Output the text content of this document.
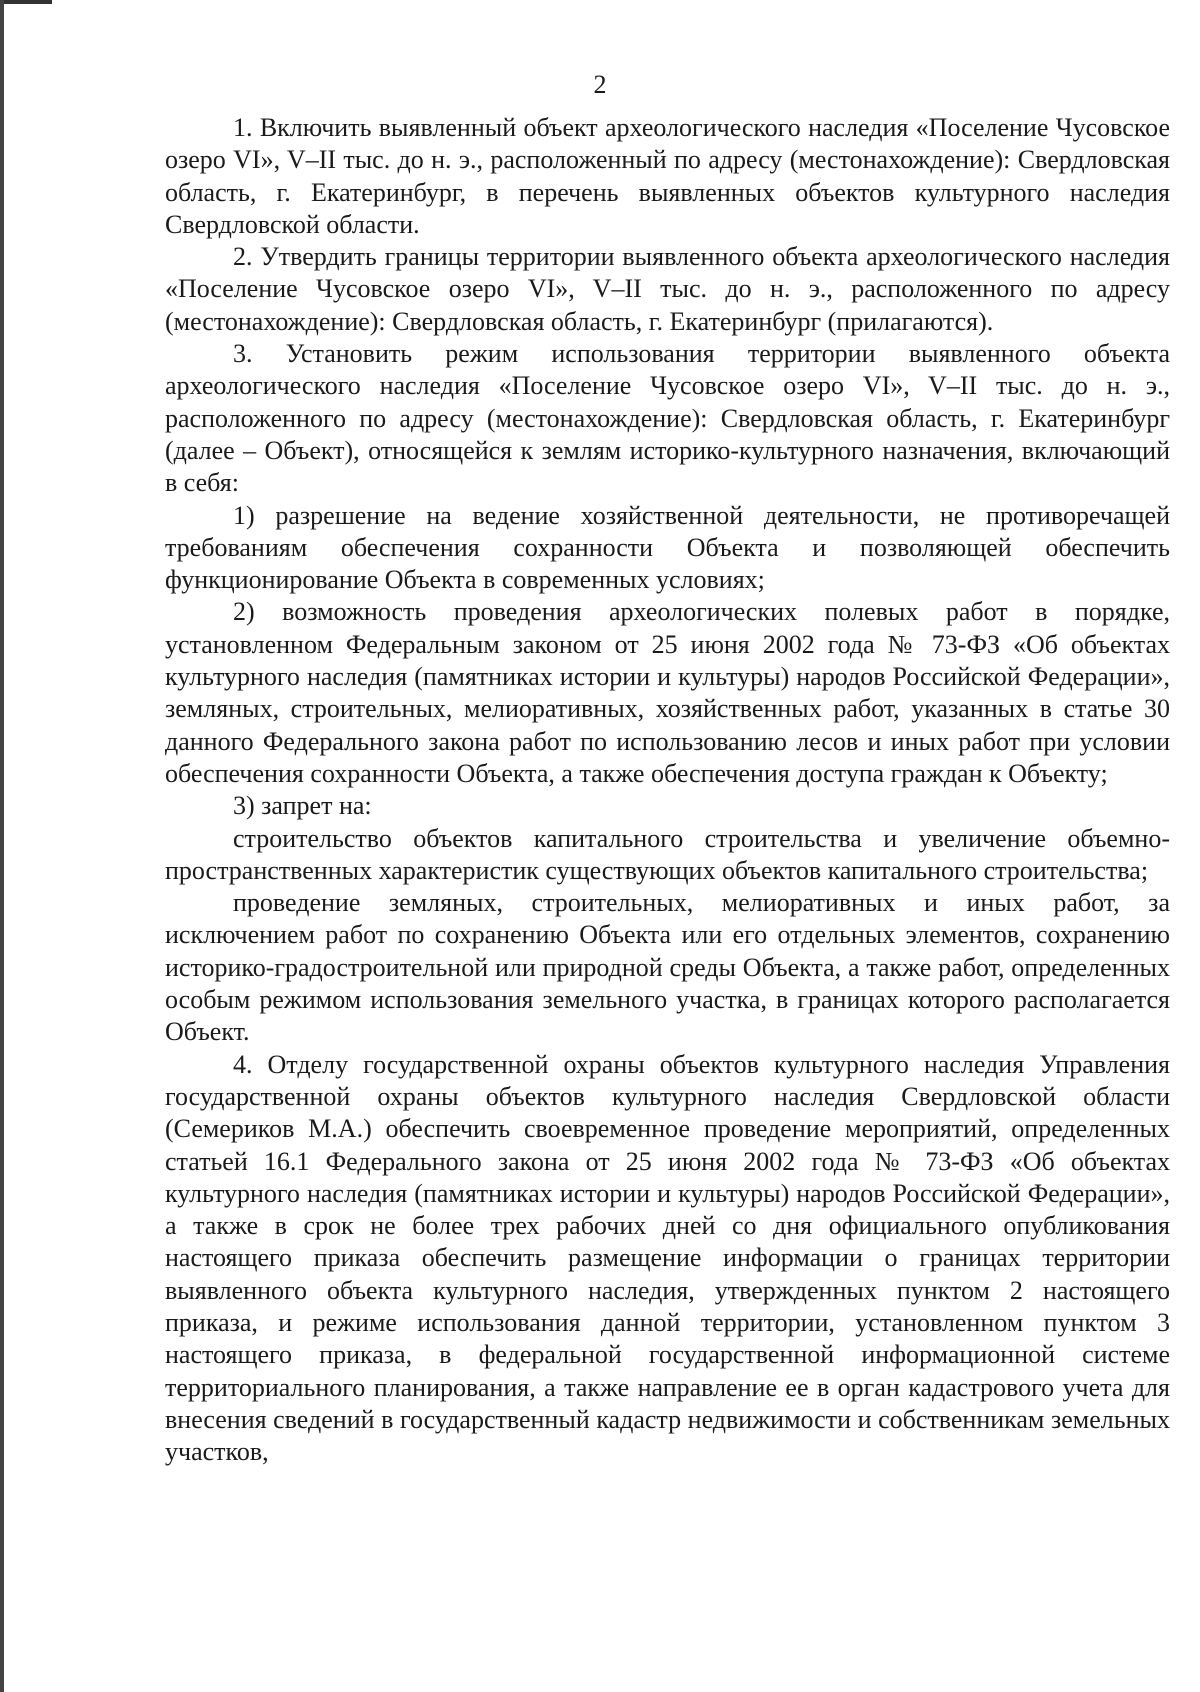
2

1. Включить выявленный объект археологического наследия «Поселение Чусовское озеро VI», V–II тыс. до н. э., расположенный по адресу (местонахождение): Свердловская область, г. Екатеринбург, в перечень выявленных объектов культурного наследия Свердловской области.

2. Утвердить границы территории выявленного объекта археологического наследия «Поселение Чусовское озеро VI», V–II тыс. до н. э., расположенного по адресу (местонахождение): Свердловская область, г. Екатеринбург (прилагаются).

3. Установить режим использования территории выявленного объекта археологического наследия «Поселение Чусовское озеро VI», V–II тыс. до н. э., расположенного по адресу (местонахождение): Свердловская область, г. Екатеринбург (далее – Объект), относящейся к землям историко-культурного назначения, включающий в себя:

1) разрешение на ведение хозяйственной деятельности, не противоречащей требованиям обеспечения сохранности Объекта и позволяющей обеспечить функционирование Объекта в современных условиях;

2) возможность проведения археологических полевых работ в порядке, установленном Федеральным законом от 25 июня 2002 года № 73-ФЗ «Об объектах культурного наследия (памятниках истории и культуры) народов Российской Федерации», земляных, строительных, мелиоративных, хозяйственных работ, указанных в статье 30 данного Федерального закона работ по использованию лесов и иных работ при условии обеспечения сохранности Объекта, а также обеспечения доступа граждан к Объекту;

3) запрет на:

строительство объектов капитального строительства и увеличение объемно-пространственных характеристик существующих объектов капитального строительства;

проведение земляных, строительных, мелиоративных и иных работ, за исключением работ по сохранению Объекта или его отдельных элементов, сохранению историко-градостроительной или природной среды Объекта, а также работ, определенных особым режимом использования земельного участка, в границах которого располагается Объект.

4. Отделу государственной охраны объектов культурного наследия Управления государственной охраны объектов культурного наследия Свердловской области (Семериков М.А.) обеспечить своевременное проведение мероприятий, определенных статьей 16.1 Федерального закона от 25 июня 2002 года № 73-ФЗ «Об объектах культурного наследия (памятниках истории и культуры) народов Российской Федерации», а также в срок не более трех рабочих дней со дня официального опубликования настоящего приказа обеспечить размещение информации о границах территории выявленного объекта культурного наследия, утвержденных пунктом 2 настоящего приказа, и режиме использования данной территории, установленном пунктом 3 настоящего приказа, в федеральной государственной информационной системе территориального планирования, а также направление ее в орган кадастрового учета для внесения сведений в государственный кадастр недвижимости и собственникам земельных участков,
